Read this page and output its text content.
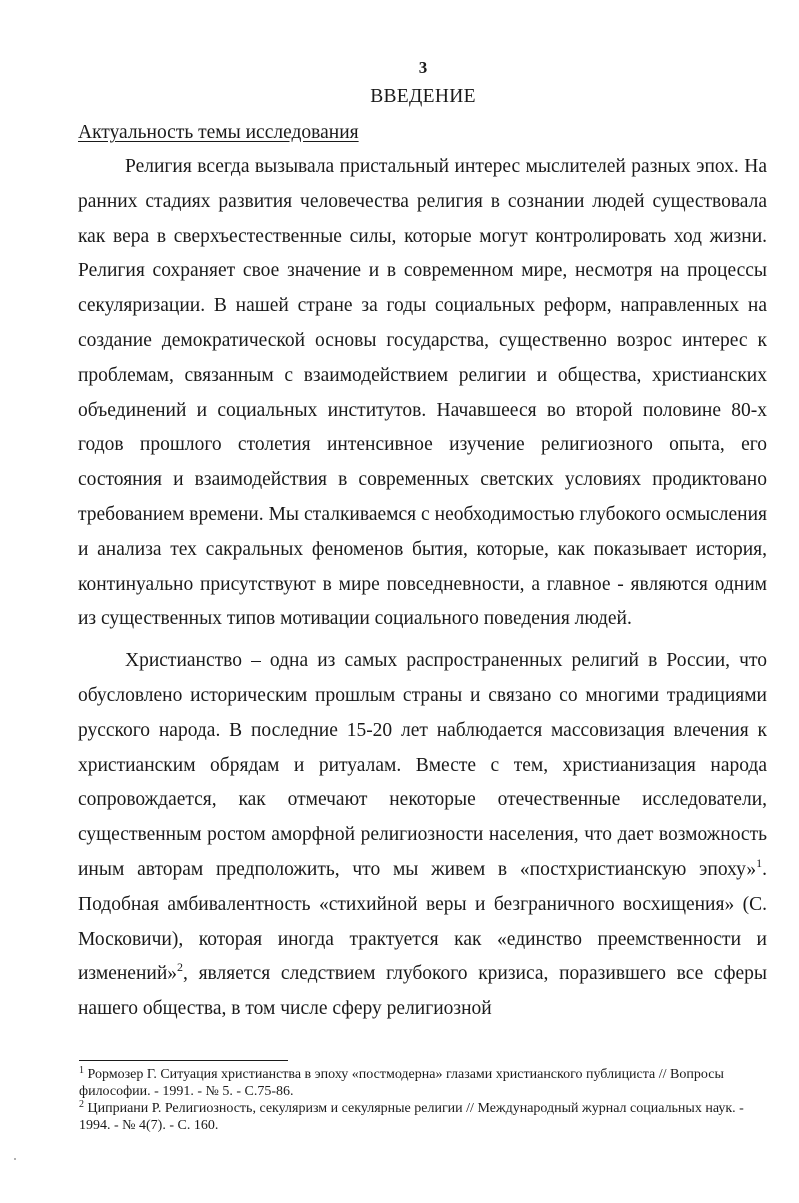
3
ВВЕДЕНИЕ
Актуальность темы исследования

Религия всегда вызывала пристальный интерес мыслителей разных эпох. На ранних стадиях развития человечества религия в сознании людей существовала как вера в сверхъестественные силы, которые могут контролировать ход жизни. Религия сохраняет свое значение и в современном мире, несмотря на процессы секуляризации. В нашей стране за годы социальных реформ, направленных на создание демократической основы государства, существенно возрос интерес к проблемам, связанным с взаимодействием религии и общества, христианских объединений и социальных институтов. Начавшееся во второй половине 80-х годов прошлого столетия интенсивное изучение религиозного опыта, его состояния и взаимодействия в современных светских условиях продиктовано требованием времени. Мы сталкиваемся с необходимостью глубокого осмысления и анализа тех сакральных феноменов бытия, которые, как показывает история, континуально присутствуют в мире повседневности, а главное - являются одним из существенных типов мотивации социального поведения людей.

Христианство – одна из самых распространенных религий в России, что обусловлено историческим прошлым страны и связано со многими традициями русского народа. В последние 15-20 лет наблюдается массовизация влечения к христианским обрядам и ритуалам. Вместе с тем, христианизация народа сопровождается, как отмечают некоторые отечественные исследователи, существенным ростом аморфной религиозности населения, что дает возможность иным авторам предположить, что мы живем в «постхристианскую эпоху»$^1$. Подобная амбивалентность «стихийной веры и безграничного восхищения» (С. Московичи), которая иногда трактуется как «единство преемственности и изменений»$^2$, является следствием глубокого кризиса, поразившего все сферы нашего общества, в том числе сферу религиозной

$^1$ Рормозер Г. Ситуация христианства в эпоху «постмодерна» глазами христианского публициста // Вопросы философии. - 1991. - № 5. - С.75-86.

$^2$ Циприани Р. Религиозность, секуляризм и секулярные религии // Международный журнал социальных наук. - 1994. - № 4(7). - С. 160.
